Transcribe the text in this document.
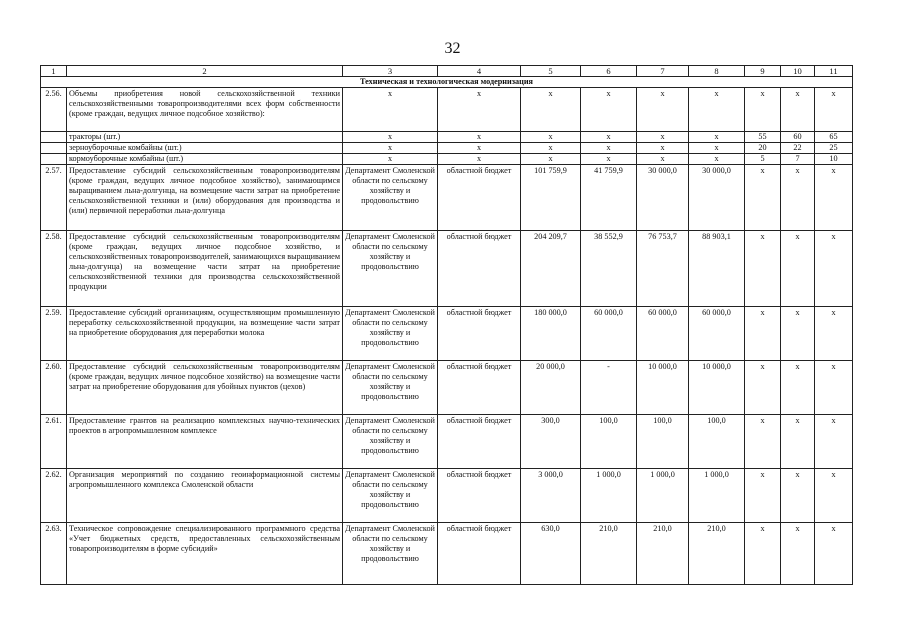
32
1	2	3	4	5	6	7	8	9	10	11
Техническая и технологическая модернизация										
2.56.	Объемы приобретения новой сельскохозяйственной техники сельскохозяйственными товаропроизводителями всех форм собственности (кроме граждан, ведущих личное подсобное хозяйство):	х	х	х	х	х	х	х	х	х
	тракторы (шт.)	х	х	х	х	х	х	55	60	65
	зерноуборочные комбайны (шт.)	х	х	х	х	х	х	20	22	25
	кормоуборочные комбайны (шт.)	х	х	х	х	х	х	5	7	10
2.57.	Предоставление субсидий сельскохозяйственным товаропроизводителям (кроме граждан, ведущих личное подсобное хозяйство), занимающимся выращиванием льна-долгунца, на возмещение части затрат на приобретение сельскохозяйственной техники и (или) оборудования для производства и (или) первичной переработки льна-долгунца	Департамент Смоленской области по сельскому хозяйству и продовольствию	областной бюджет	101 759,9	41 759,9	30 000,0	30 000,0	х	х	х
2.58.	Предоставление субсидий сельскохозяйственным товаропроизводителям (кроме граждан, ведущих личное подсобное хозяйство, и сельскохозяйственных товаропроизводителей, занимающихся выращиванием льна-долгунца) на возмещение части затрат на приобретение сельскохозяйственной техники для производства сельскохозяйственной продукции	Департамент Смоленской области по сельскому хозяйству и продовольствию	областной бюджет	204 209,7	38 552,9	76 753,7	88 903,1	х	х	х
2.59.	Предоставление субсидий организациям, осуществляющим промышленную переработку сельскохозяйственной продукции, на возмещение части затрат на приобретение оборудования для переработки молока	Департамент Смоленской области по сельскому хозяйству и продовольствию	областной бюджет	180 000,0	60 000,0	60 000,0	60 000,0	х	х	х
2.60.	Предоставление субсидий сельскохозяйственным товаропроизводителям (кроме граждан, ведущих личное подсобное хозяйство) на возмещение части затрат на приобретение оборудования для убойных пунктов (цехов)	Департамент Смоленской области по сельскому хозяйству и продовольствию	областной бюджет	20 000,0	-	10 000,0	10 000,0	х	х	х
2.61.	Предоставление грантов на реализацию комплексных научно-технических проектов в агропромышленном комплексе	Департамент Смоленской области по сельскому хозяйству и продовольствию	областной бюджет	300,0	100,0	100,0	100,0	х	х	х
2.62.	Организация мероприятий по созданию геоинформационной системы агропромышленного комплекса Смоленской области	Департамент Смоленской области по сельскому хозяйству и продовольствию	областной бюджет	3 000,0	1 000,0	1 000,0	1 000,0	х	х	х
2.63.	Техническое сопровождение специализированного программного средства «Учет бюджетных средств, предоставленных сельскохозяйственным товаропроизводителям в форме субсидий»	Департамент Смоленской области по сельскому хозяйству и продовольствию	областной бюджет	630,0	210,0	210,0	210,0	х	х	х
